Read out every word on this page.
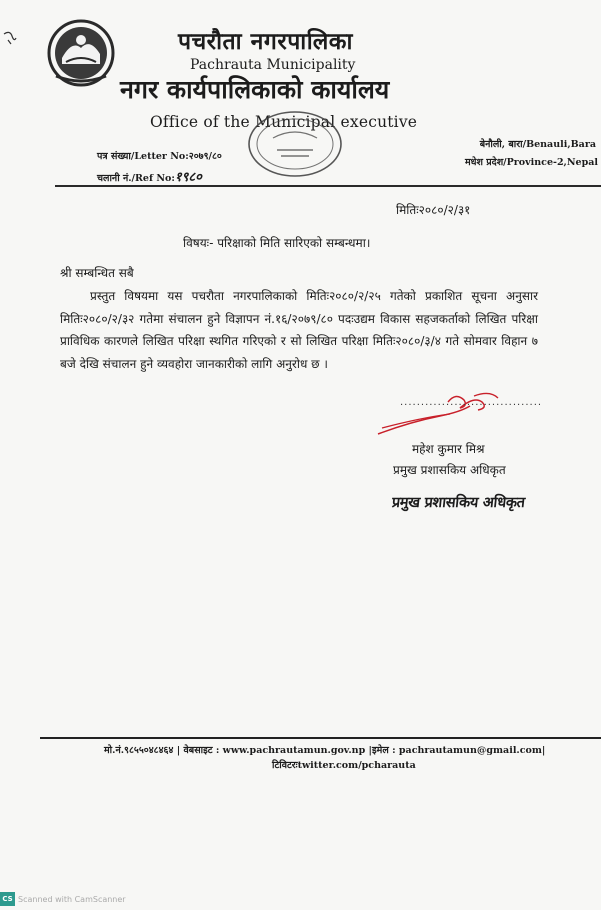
पचरौता नगरपालिका
Pachrauta Municipality
नगर कार्यपालिकाको कार्यालय
Office of the Municipal executive
पत्र संख्या/Letter No:२०७९/८०
चलानी नं./Ref No:१९८०
बेनौली, बारा/Benauli,Bara
मधेश प्रदेश/Province-2,Nepal
मितिः२०८०/२/३१
विषयः- परिक्षाको मिति सारिएको सम्बन्धमा।
श्री सम्बन्धित सबै
प्रस्तुत विषयमा यस पचरौता नगरपालिकाको मितिः२०८०/२/२५ गतेको प्रकाशित सूचना अनुसार मितिः२०८०/२/३२ गतेमा संचालन हुने विज्ञापन नं.१६/२०७९/८० पदःउद्यम विकास सहजकर्ताको लिखित परिक्षा प्राविधिक कारणले लिखित परिक्षा स्थगित गरिएको र सो लिखित परिक्षा मितिः२०८०/३/४ गते सोमवार विहान ७ बजे देखि संचालन हुने व्यवहोरा जानकारीको लागि अनुरोध छ ।
..................................
महेश कुमार मिश्र
प्रमुख प्रशासकिय अधिकृत
प्रमुख प्रशासकिय अधिकृत
मो.नं.९८५५०४८४६४ | वेबसाइट : www.pachrautamun.gov.np |इमेल : pachrautamun@gmail.com|
टिविटरःtwitter.com/pcharauta
CS Scanned with CamScanner
